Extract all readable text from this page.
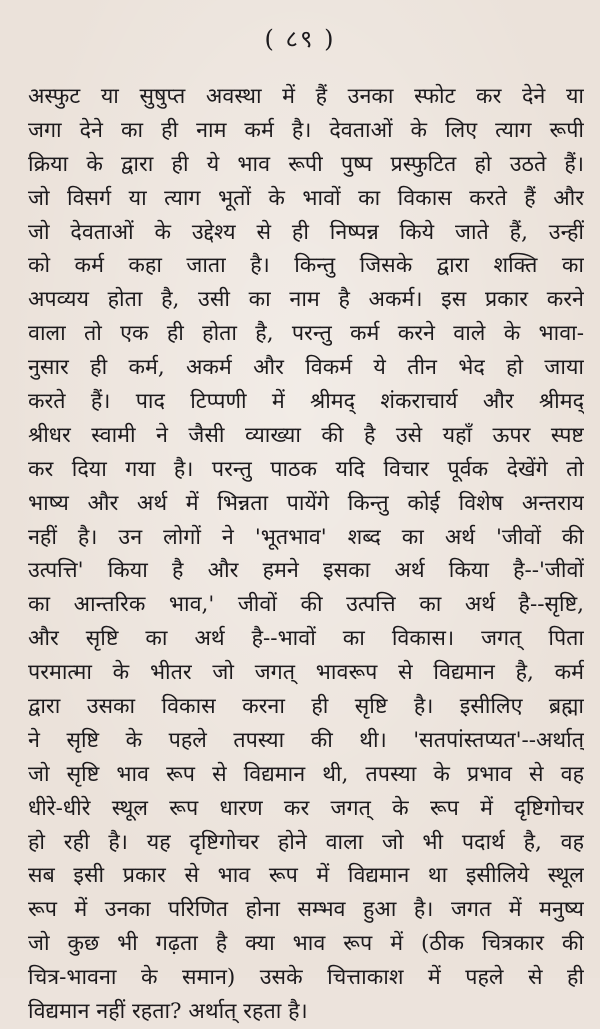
( ८९ )
अस्फुट या सुषुप्त अवस्था में हैं उनका स्फोट कर देने या
जगा देने का ही नाम कर्म है। देवताओं के लिए त्याग रूपी
क्रिया के द्वारा ही ये भाव रूपी पुष्प प्रस्फुटित हो उठते हैं।
जो विसर्ग या त्याग भूतों के भावों का विकास करते हैं और
जो देवताओं के उद्देश्य से ही निष्पन्न किये जाते हैं, उन्हीं
को कर्म कहा जाता है। किन्तु जिसके द्वारा शक्ति का
अपव्यय होता है, उसी का नाम है अकर्म। इस प्रकार करने
वाला तो एक ही होता है, परन्तु कर्म करने वाले के भावा-
नुसार ही कर्म, अकर्म और विकर्म ये तीन भेद हो जाया
करते हैं। पाद टिप्पणी में श्रीमद् शंकराचार्य और श्रीमद्
श्रीधर स्वामी ने जैसी व्याख्या की है उसे यहाँ ऊपर स्पष्ट
कर दिया गया है। परन्तु पाठक यदि विचार पूर्वक देखेंगे तो
भाष्य और अर्थ में भिन्नता पायेंगे किन्तु कोई विशेष अन्तराय
नहीं है। उन लोगों ने 'भूतभाव' शब्द का अर्थ 'जीवों की
उत्पत्ति' किया है और हमने इसका अर्थ किया है--'जीवों
का आन्तरिक भाव,' जीवों की उत्पत्ति का अर्थ है--सृष्टि,
और सृष्टि का अर्थ है--भावों का विकास। जगत् पिता
परमात्मा के भीतर जो जगत् भावरूप से विद्यमान है, कर्म
द्वारा उसका विकास करना ही सृष्टि है। इसीलिए ब्रह्मा
ने सृष्टि के पहले तपस्या की थी। 'सतपांस्तप्यत'--अर्थात्
जो सृष्टि भाव रूप से विद्यमान थी, तपस्या के प्रभाव से वह
धीरे-धीरे स्थूल रूप धारण कर जगत् के रूप में दृष्टिगोचर
हो रही है। यह दृष्टिगोचर होने वाला जो भी पदार्थ है, वह
सब इसी प्रकार से भाव रूप में विद्यमान था इसीलिये स्थूल
रूप में उनका परिणित होना सम्भव हुआ है। जगत में मनुष्य
जो कुछ भी गढ़ता है क्या भाव रूप में (ठीक चित्रकार की
चित्र-भावना के समान) उसके चित्ताकाश में पहले से ही
विद्यमान नहीं रहता? अर्थात् रहता है।
